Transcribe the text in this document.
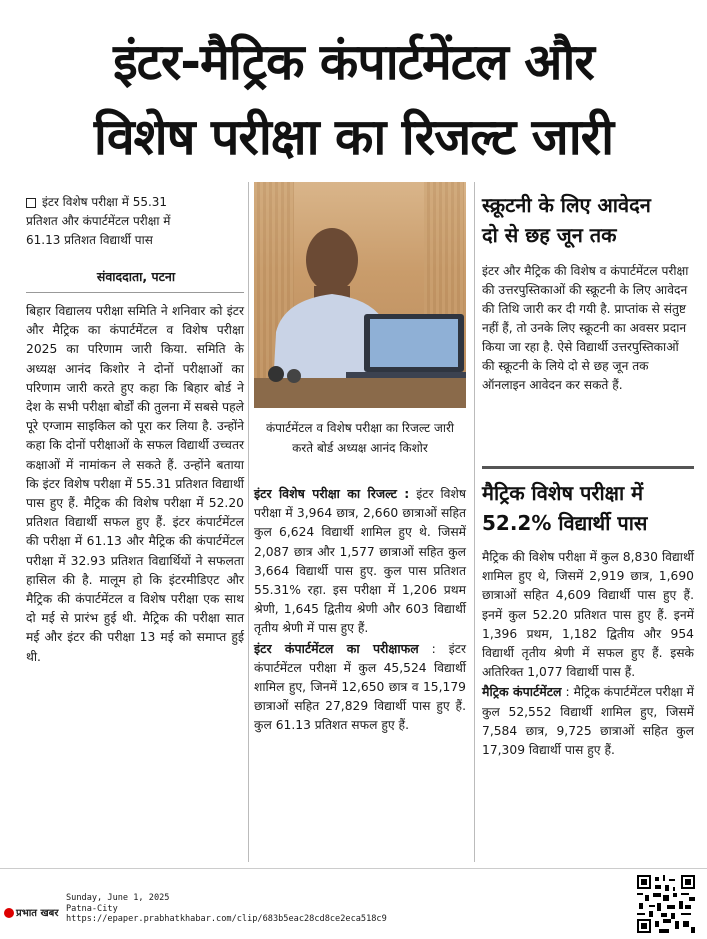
इंटर-मैट्रिक कंपार्टमेंटल और
विशेष परीक्षा का रिजल्ट जारी
इंटर विशेष परीक्षा में 55.31
प्रतिशत और कंपार्टमेंटल परीक्षा में
61.13 प्रतिशत विद्यार्थी पास
संवाददाता, पटना
बिहार विद्यालय परीक्षा समिति ने शनिवार को इंटर और मैट्रिक का कंपार्टमेंटल व विशेष परीक्षा 2025 का परिणाम जारी किया. समिति के अध्यक्ष आनंद किशोर ने दोनों परीक्षाओं का परिणाम जारी करते हुए कहा कि बिहार बोर्ड ने देश के सभी परीक्षा बोर्डों की तुलना में सबसे पहले पूरे एग्जाम साइकिल को पूरा कर लिया है. उन्होंने कहा कि दोनों परीक्षाओं के सफल विद्यार्थी उच्चतर कक्षाओं में नामांकन ले सकते हैं. उन्होंने बताया कि इंटर विशेष परीक्षा में 55.31 प्रतिशत विद्यार्थी पास हुए हैं. मैट्रिक की विशेष परीक्षा में 52.20 प्रतिशत विद्यार्थी सफल हुए हैं. इंटर कंपार्टमेंटल की परीक्षा में 61.13 और मैट्रिक की कंपार्टमेंटल परीक्षा में 32.93 प्रतिशत विद्यार्थियों ने सफलता हासिल की है. मालूम हो कि इंटरमीडिएट और मैट्रिक की कंपार्टमेंटल व विशेष परीक्षा एक साथ दो मई से प्रारंभ हुई थी. मैट्रिक की परीक्षा सात मई और इंटर की परीक्षा 13 मई को समाप्त हुई थी.
कंपार्टमेंटल व विशेष परीक्षा का रिजल्ट जारी करते बोर्ड अध्यक्ष आनंद किशोर
इंटर विशेष परीक्षा का रिजल्ट : इंटर विशेष परीक्षा में 3,964 छात्र, 2,660 छात्राओं सहित कुल 6,624 विद्यार्थी शामिल हुए थे. जिसमें 2,087 छात्र और 1,577 छात्राओं सहित कुल 3,664 विद्यार्थी पास हुए. कुल पास प्रतिशत 55.31% रहा. इस परीक्षा में 1,206 प्रथम श्रेणी, 1,645 द्वितीय श्रेणी और 603 विद्यार्थी तृतीय श्रेणी में पास हुए हैं.
इंटर कंपार्टमेंटल का परीक्षाफल : इंटर कंपार्टमेंटल परीक्षा में कुल 45,524 विद्यार्थी शामिल हुए, जिनमें 12,650 छात्र व 15,179 छात्राओं सहित 27,829 विद्यार्थी पास हुए हैं. कुल 61.13 प्रतिशत सफल हुए हैं.
स्क्रूटनी के लिए आवेदन
दो से छह जून तक
इंटर और मैट्रिक की विशेष व कंपार्टमेंटल परीक्षा की उत्तरपुस्तिकाओं की स्क्रूटनी के लिए आवेदन की तिथि जारी कर दी गयी है. प्राप्तांक से संतुष्ट नहीं हैं, तो उनके लिए स्क्रूटनी का अवसर प्रदान किया जा रहा है. ऐसे विद्यार्थी उत्तरपुस्तिकाओं की स्क्रूटनी के लिये दो से छह जून तक ऑनलाइन आवेदन कर सकते हैं.
मैट्रिक विशेष परीक्षा में
52.2% विद्यार्थी पास
मैट्रिक की विशेष परीक्षा में कुल 8,830 विद्यार्थी शामिल हुए थे, जिसमें 2,919 छात्र, 1,690 छात्राओं सहित 4,609 विद्यार्थी पास हुए हैं. इनमें कुल 52.20 प्रतिशत पास हुए हैं. इनमें 1,396 प्रथम, 1,182 द्वितीय और 954 विद्यार्थी तृतीय श्रेणी में सफल हुए हैं. इसके अतिरिक्त 1,077 विद्यार्थी पास हैं.
मैट्रिक कंपार्टमेंटल : मैट्रिक कंपार्टमेंटल परीक्षा में कुल 52,552 विद्यार्थी शामिल हुए, जिसमें 7,584 छात्र, 9,725 छात्राओं सहित कुल 17,309 विद्यार्थी पास हुए हैं.
प्रभात खबर
Sunday, June 1, 2025
Patna-City
https://epaper.prabhatkhabar.com/clip/683b5eac28cd8ce2eca518c9
